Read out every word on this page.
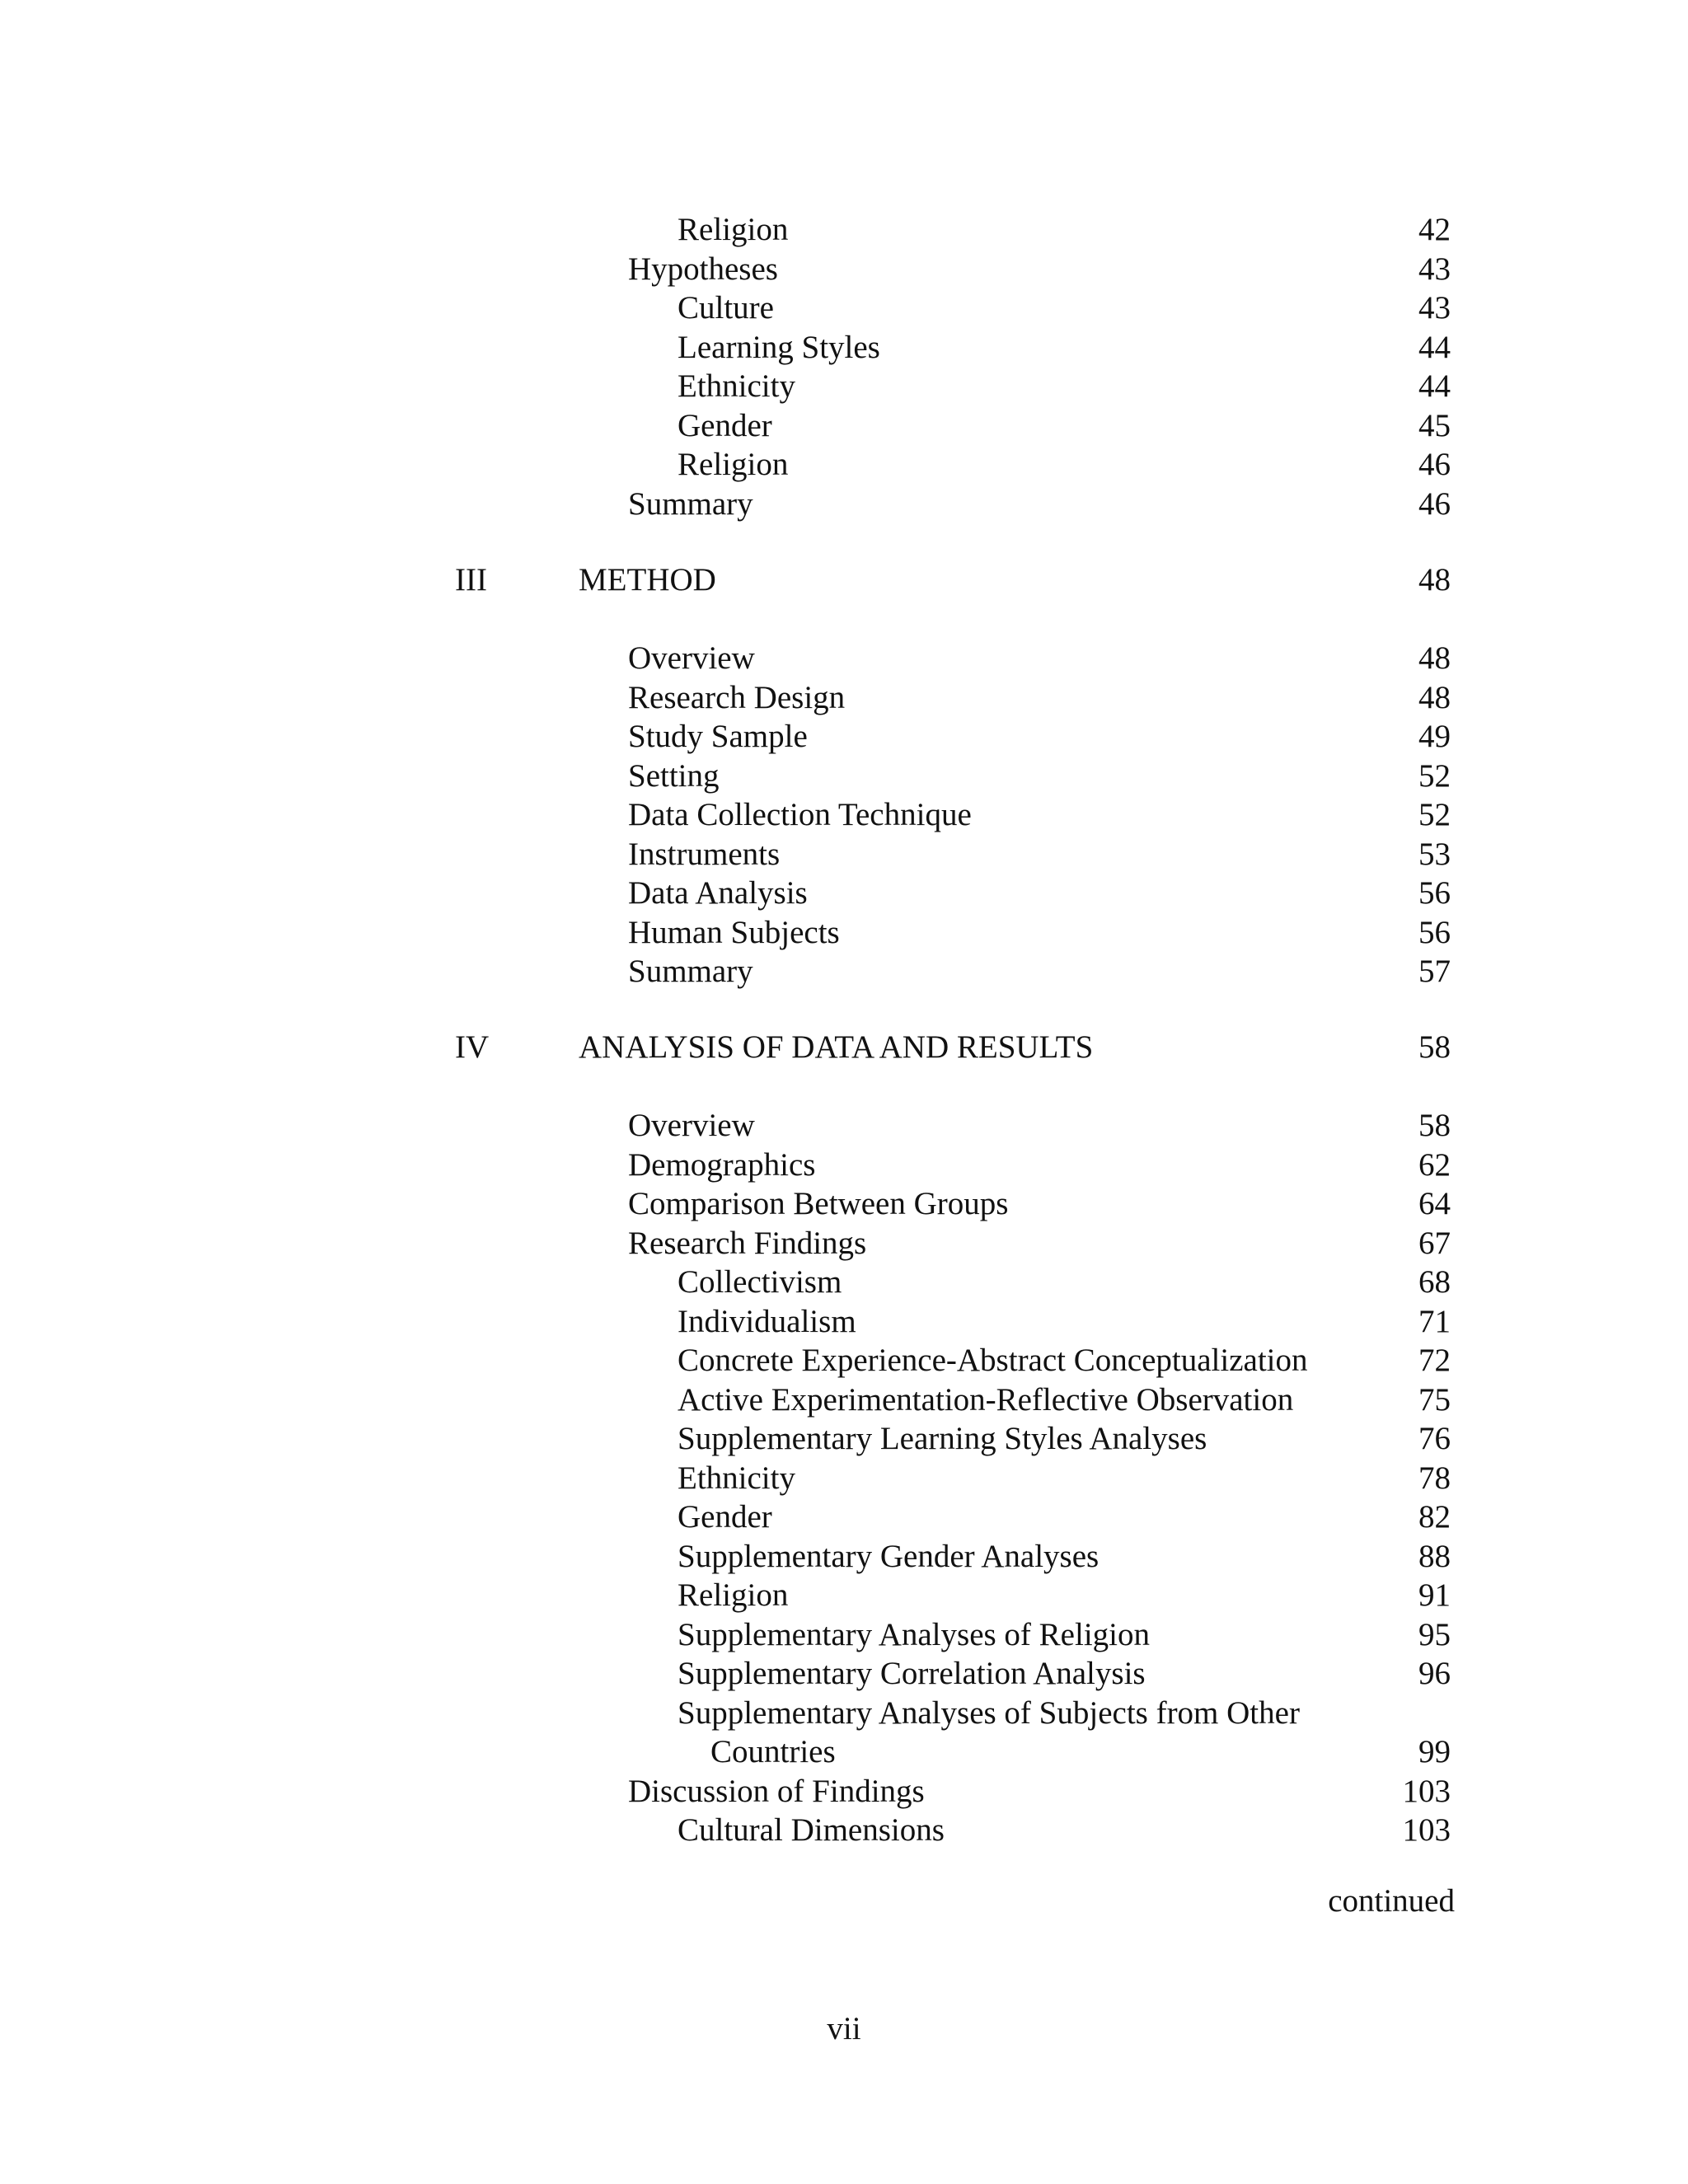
Religion	42
Hypotheses	43
Culture	43
Learning Styles	44
Ethnicity	44
Gender	45
Religion	46
Summary	46
III	METHOD	48
Overview	48
Research Design	48
Study Sample	49
Setting	52
Data Collection Technique	52
Instruments	53
Data Analysis	56
Human Subjects	56
Summary	57
IV	ANALYSIS OF DATA AND RESULTS	58
Overview	58
Demographics	62
Comparison Between Groups	64
Research Findings	67
Collectivism	68
Individualism	71
Concrete Experience-Abstract Conceptualization	72
Active Experimentation-Reflective Observation	75
Supplementary Learning Styles Analyses	76
Ethnicity	78
Gender	82
Supplementary Gender Analyses	88
Religion	91
Supplementary Analyses of Religion	95
Supplementary Correlation Analysis	96
Supplementary Analyses of Subjects from Other
Countries	99
Discussion of Findings	103
Cultural Dimensions	103
continued
vii
